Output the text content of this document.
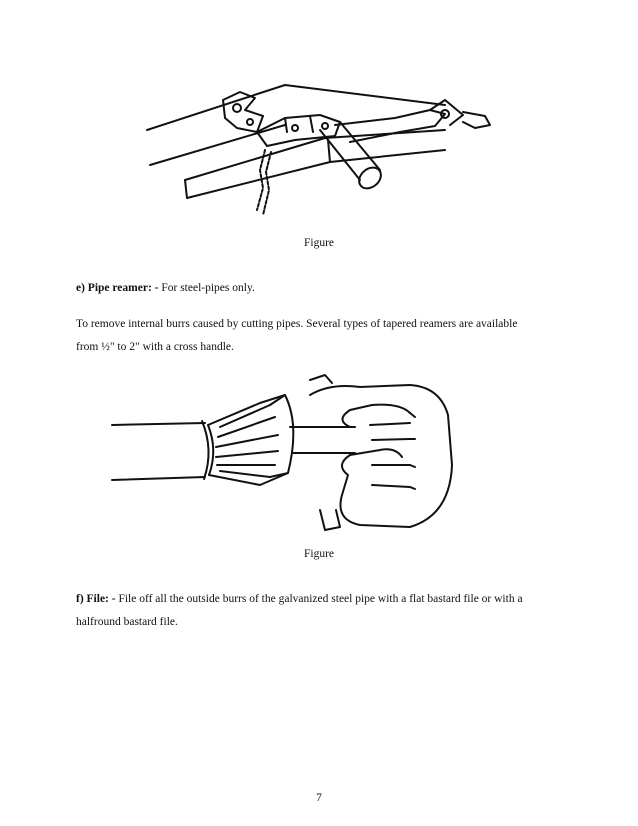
Figure
e) Pipe reamer: - For steel-pipes only.
To remove internal burrs caused by cutting pipes. Several types of tapered reamers are available
from ½" to 2" with a cross handle.
Figure
f) File: - File off all the outside burrs of the galvanized steel pipe with a flat bastard file or with a
halfround bastard file.
7
